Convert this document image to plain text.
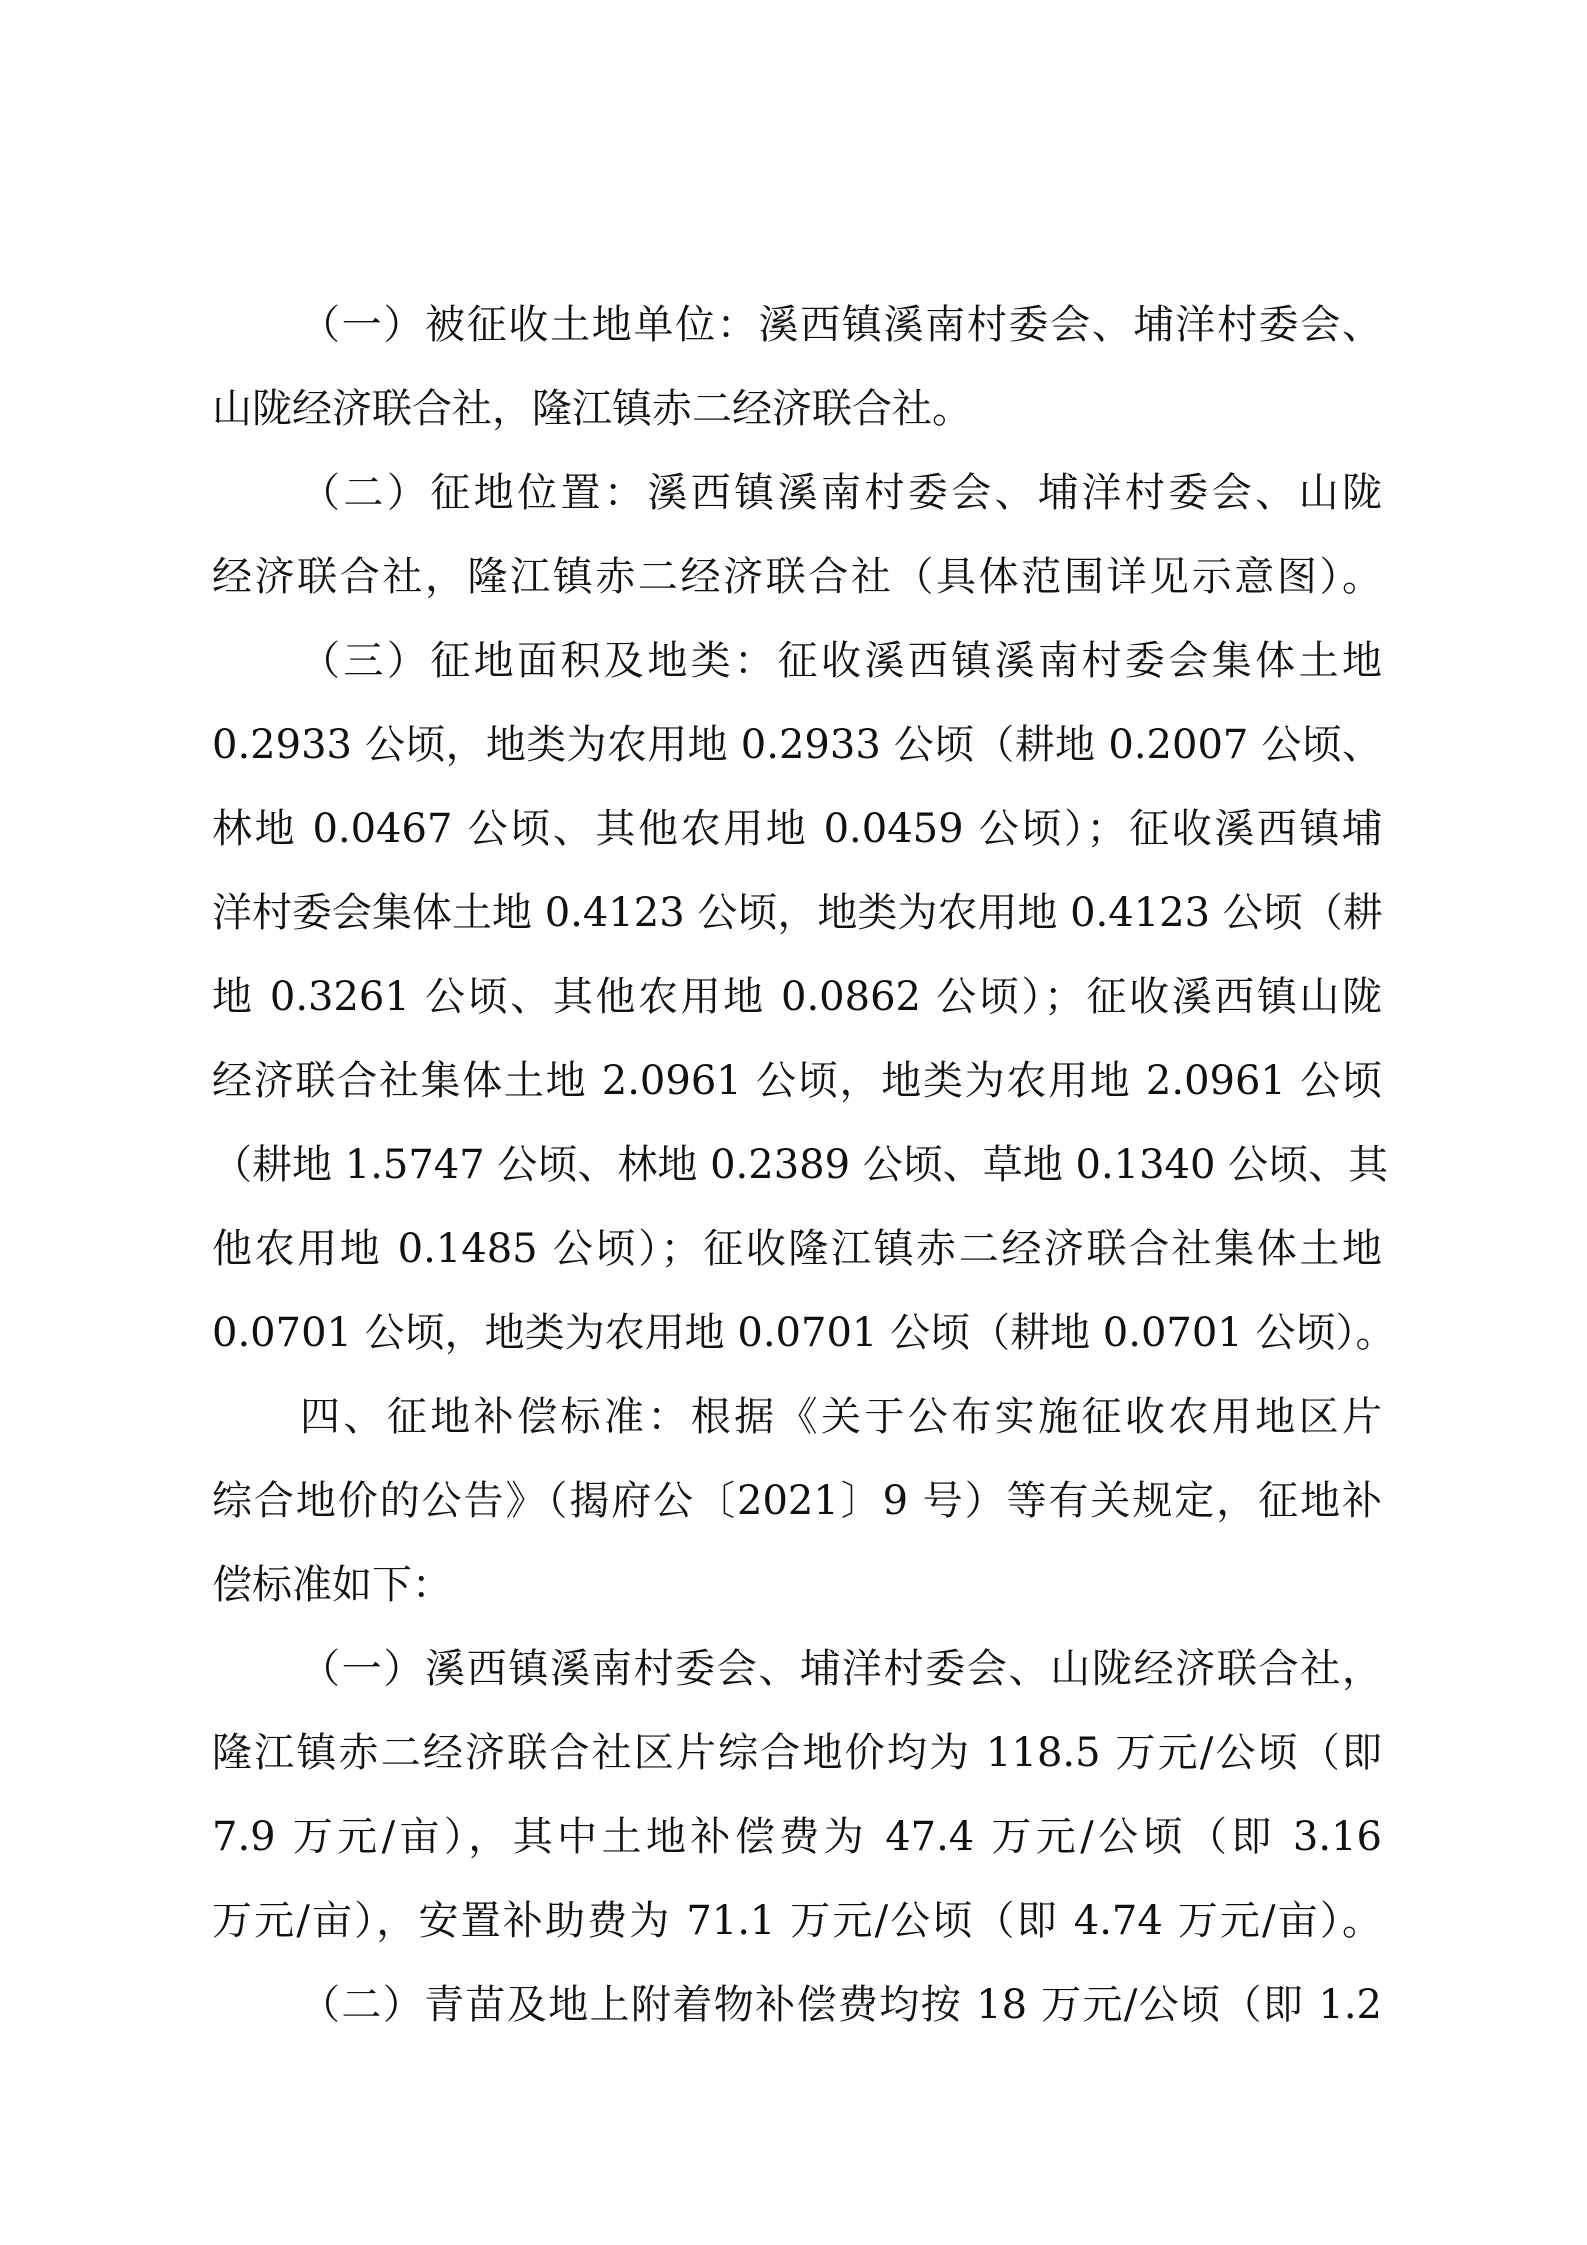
（一）被征收土地单位：溪西镇溪南村委会、埔洋村委会、
山陇经济联合社，隆江镇赤二经济联合社。
（二）征地位置：溪西镇溪南村委会、埔洋村委会、山陇
经济联合社，隆江镇赤二经济联合社（具体范围详见示意图）。
（三）征地面积及地类：征收溪西镇溪南村委会集体土地
0.2933 公顷，地类为农用地 0.2933 公顷（耕地 0.2007 公顷、
林地 0.0467 公顷、其他农用地 0.0459 公顷）；征收溪西镇埔
洋村委会集体土地 0.4123 公顷，地类为农用地 0.4123 公顷（耕
地 0.3261 公顷、其他农用地 0.0862 公顷）；征收溪西镇山陇
经济联合社集体土地 2.0961 公顷，地类为农用地 2.0961 公顷
（耕地 1.5747 公顷、林地 0.2389 公顷、草地 0.1340 公顷、其
他农用地 0.1485 公顷）；征收隆江镇赤二经济联合社集体土地
0.0701 公顷，地类为农用地 0.0701 公顷（耕地 0.0701 公顷）。
四、征地补偿标准：根据《关于公布实施征收农用地区片
综合地价的公告》（揭府公〔2021〕9 号）等有关规定，征地补
偿标准如下：
（一）溪西镇溪南村委会、埔洋村委会、山陇经济联合社，
隆江镇赤二经济联合社区片综合地价均为 118.5 万元/公顷（即
7.9 万元/亩），其中土地补偿费为 47.4 万元/公顷（即 3.16
万元/亩），安置补助费为 71.1 万元/公顷（即 4.74 万元/亩）。
（二）青苗及地上附着物补偿费均按 18 万元/公顷（即 1.2
